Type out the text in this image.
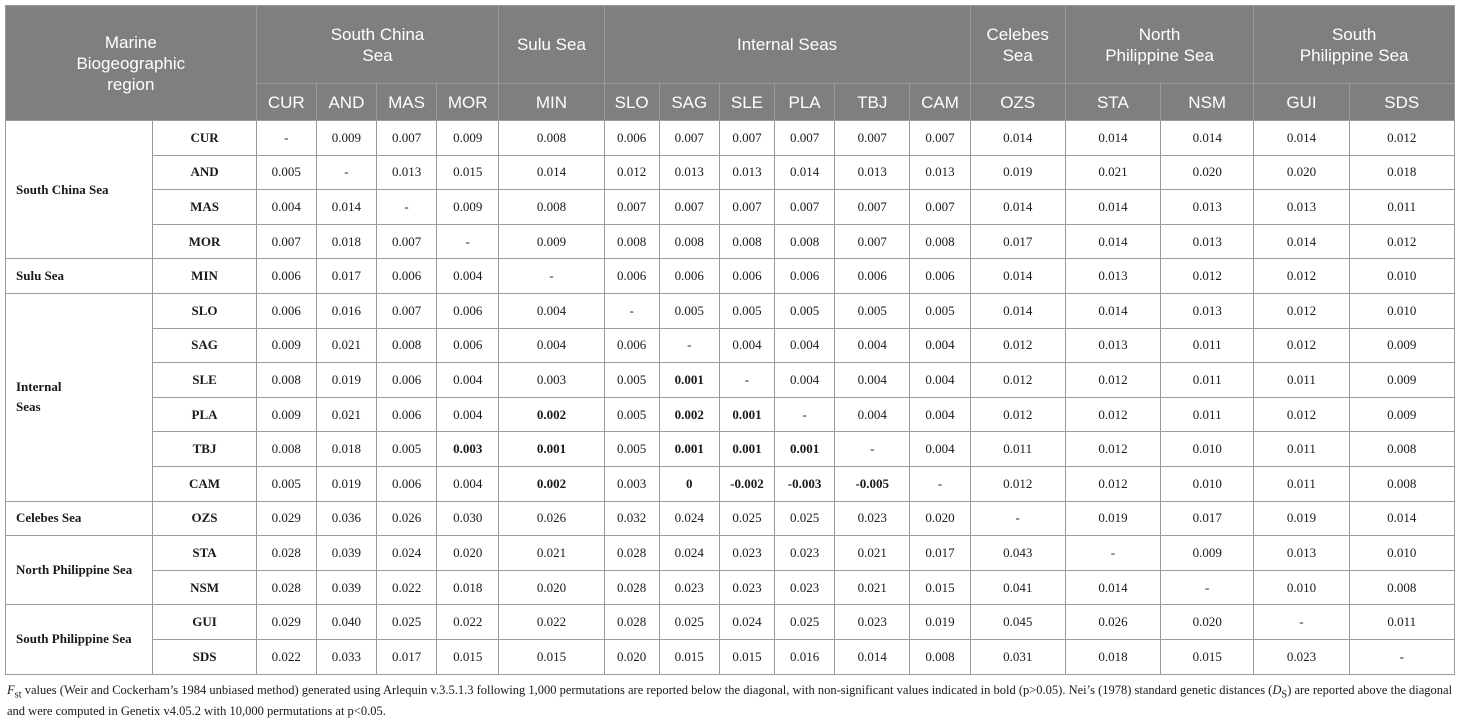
Marine Biogeographic region		South China Sea				Sulu Sea	Internal Seas						Celebes Sea	North Philippine Sea		South Philippine Sea	

		CUR	AND	MAS	MOR	MIN	SLO	SAG	SLE	PLA	TBJ	CAM	OZS	STA	NSM	GUI	SDS

South China Sea	CUR	-	0.009	0.007	0.009	0.008	0.006	0.007	0.007	0.007	0.007	0.007	0.014	0.014	0.014	0.014	0.012
	AND	0.005	-	0.013	0.015	0.014	0.012	0.013	0.013	0.014	0.013	0.013	0.019	0.021	0.020	0.020	0.018
	MAS	0.004	0.014	-	0.009	0.008	0.007	0.007	0.007	0.007	0.007	0.007	0.014	0.014	0.013	0.013	0.011
	MOR	0.007	0.018	0.007	-	0.009	0.008	0.008	0.008	0.008	0.007	0.008	0.017	0.014	0.013	0.014	0.012

Sulu Sea	MIN	0.006	0.017	0.006	0.004	-	0.006	0.006	0.006	0.006	0.006	0.006	0.014	0.013	0.012	0.012	0.010

Internal Seas	SLO	0.006	0.016	0.007	0.006	0.004	-	0.005	0.005	0.005	0.005	0.005	0.014	0.014	0.013	0.012	0.010
	SAG	0.009	0.021	0.008	0.006	0.004	0.006	-	0.004	0.004	0.004	0.004	0.012	0.013	0.011	0.012	0.009
	SLE	0.008	0.019	0.006	0.004	0.003	0.005	0.001	-	0.004	0.004	0.004	0.012	0.012	0.011	0.011	0.009
	PLA	0.009	0.021	0.006	0.004	0.002	0.005	0.002	0.001	-	0.004	0.004	0.012	0.012	0.011	0.012	0.009
	TBJ	0.008	0.018	0.005	0.003	0.001	0.005	0.001	0.001	0.001	-	0.004	0.011	0.012	0.010	0.011	0.008
	CAM	0.005	0.019	0.006	0.004	0.002	0.003	0	-0.002	-0.003	-0.005	-	0.012	0.012	0.010	0.011	0.008

Celebes Sea	OZS	0.029	0.036	0.026	0.030	0.026	0.032	0.024	0.025	0.025	0.023	0.020	-	0.019	0.017	0.019	0.014

North Philippine Sea	STA	0.028	0.039	0.024	0.020	0.021	0.028	0.024	0.023	0.023	0.021	0.017	0.043	-	0.009	0.013	0.010
	NSM	0.028	0.039	0.022	0.018	0.020	0.028	0.023	0.023	0.023	0.021	0.015	0.041	0.014	-	0.010	0.008

South Philippine Sea	GUI	0.029	0.040	0.025	0.022	0.022	0.028	0.025	0.024	0.025	0.023	0.019	0.045	0.026	0.020	-	0.011
	SDS	0.022	0.033	0.017	0.015	0.015	0.020	0.015	0.015	0.016	0.014	0.008	0.031	0.018	0.015	0.023	-
$F_{st}$ values (Weir and Cockerham’s 1984 unbiased method) generated using Arlequin v.3.5.1.3 following 1,000 permutations are reported below the diagonal, with non-significant values indicated in bold (p>0.05). Nei’s (1978) standard genetic distances $(D_S)$ are reported above the diagonal and were computed in Genetix v4.05.2 with 10,000 permutations at p<0.05.
